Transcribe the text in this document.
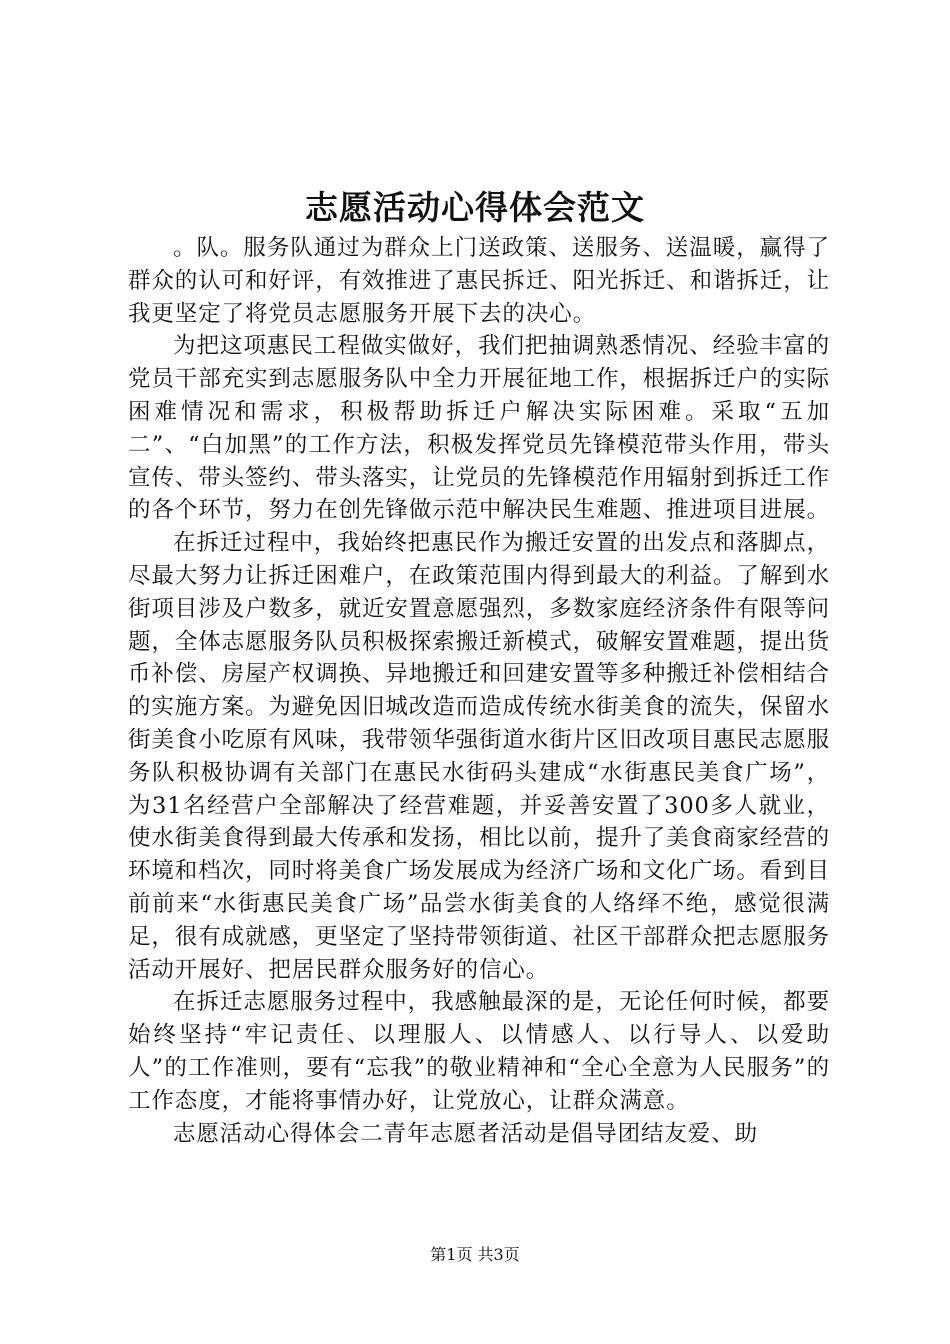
志愿活动心得体会范文

。队。服务队通过为群众上门送政策、送服务、送温暖，赢得了群众的认可和好评，有效推进了惠民拆迁、阳光拆迁、和谐拆迁，让我更坚定了将党员志愿服务开展下去的决心。

为把这项惠民工程做实做好，我们把抽调熟悉情况、经验丰富的党员干部充实到志愿服务队中全力开展征地工作，根据拆迁户的实际困难情况和需求，积极帮助拆迁户解决实际困难。采取“五加二”、“白加黑”的工作方法，积极发挥党员先锋模范带头作用，带头宣传、带头签约、带头落实，让党员的先锋模范作用辐射到拆迁工作的各个环节，努力在创先锋做示范中解决民生难题、推进项目进展。

在拆迁过程中，我始终把惠民作为搬迁安置的出发点和落脚点，尽最大努力让拆迁困难户，在政策范围内得到最大的利益。了解到水街项目涉及户数多，就近安置意愿强烈，多数家庭经济条件有限等问题，全体志愿服务队员积极探索搬迁新模式，破解安置难题，提出货币补偿、房屋产权调换、异地搬迁和回建安置等多种搬迁补偿相结合的实施方案。为避免因旧城改造而造成传统水街美食的流失，保留水街美食小吃原有风味，我带领华强街道水街片区旧改项目惠民志愿服务队积极协调有关部门在惠民水街码头建成“水街惠民美食广场”，为31名经营户全部解决了经营难题，并妥善安置了300多人就业，使水街美食得到最大传承和发扬，相比以前，提升了美食商家经营的环境和档次，同时将美食广场发展成为经济广场和文化广场。看到目前前来“水街惠民美食广场”品尝水街美食的人络绎不绝，感觉很满足，很有成就感，更坚定了坚持带领街道、社区干部群众把志愿服务活动开展好、把居民群众服务好的信心。

在拆迁志愿服务过程中，我感触最深的是，无论任何时候，都要始终坚持“牢记责任、以理服人、以情感人、以行导人、以爱助人”的工作准则，要有“忘我”的敬业精神和“全心全意为人民服务”的工作态度，才能将事情办好，让党放心，让群众满意。

志愿活动心得体会二青年志愿者活动是倡导团结友爱、助

第1页 共3页
